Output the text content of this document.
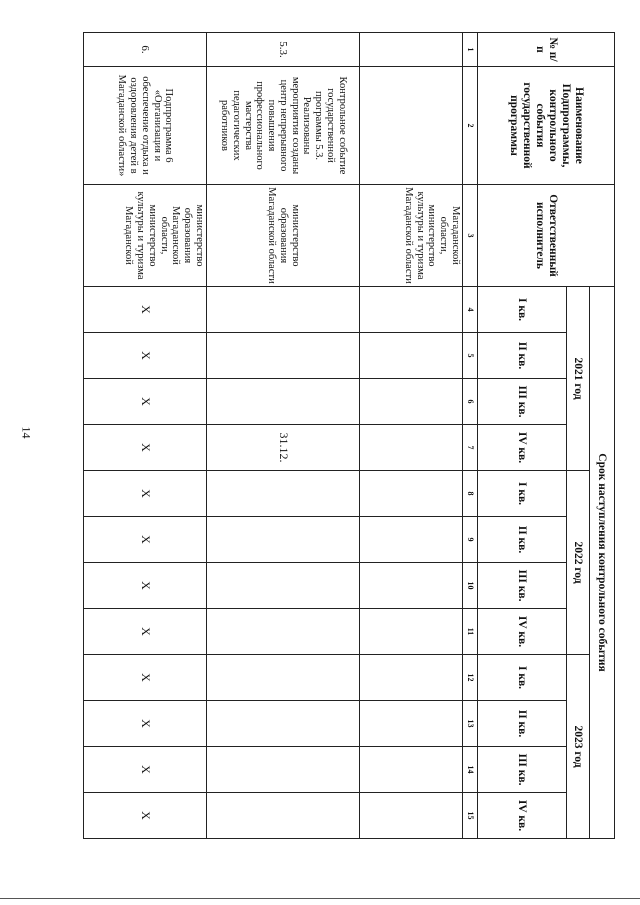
14
№ п/п	Наименование Подпрограммы, контрольного события государственной программы	Ответственный исполнитель	Срок наступления контрольного события											
			2021 год				2022 год				2023 год			
			I кв.	II кв.	III кв.	IV кв.	I кв.	II кв.	III кв.	IV кв.	I кв.	II кв.	III кв.	IV кв.
1	2	3	4	5	6	7	8	9	10	11	12	13	14	15
		Магаданской области, министерство культуры и туризма Магаданской области												
5.3.	Контрольное событие государственной программы 5.3. Реализованы мероприятия созданы центр непрерывного повышения профессионального мастерства педагогических работников	министерство образования Магаданской области				31.12.								
6.	Подпрограмма 6 «Организация и обеспечение отдыха и оздоровления детей в Магаданской области»	министерство образования Магаданской области, министерство культуры и туризма Магаданской	X	X	X	X	X	X	X	X	X	X	X	X
